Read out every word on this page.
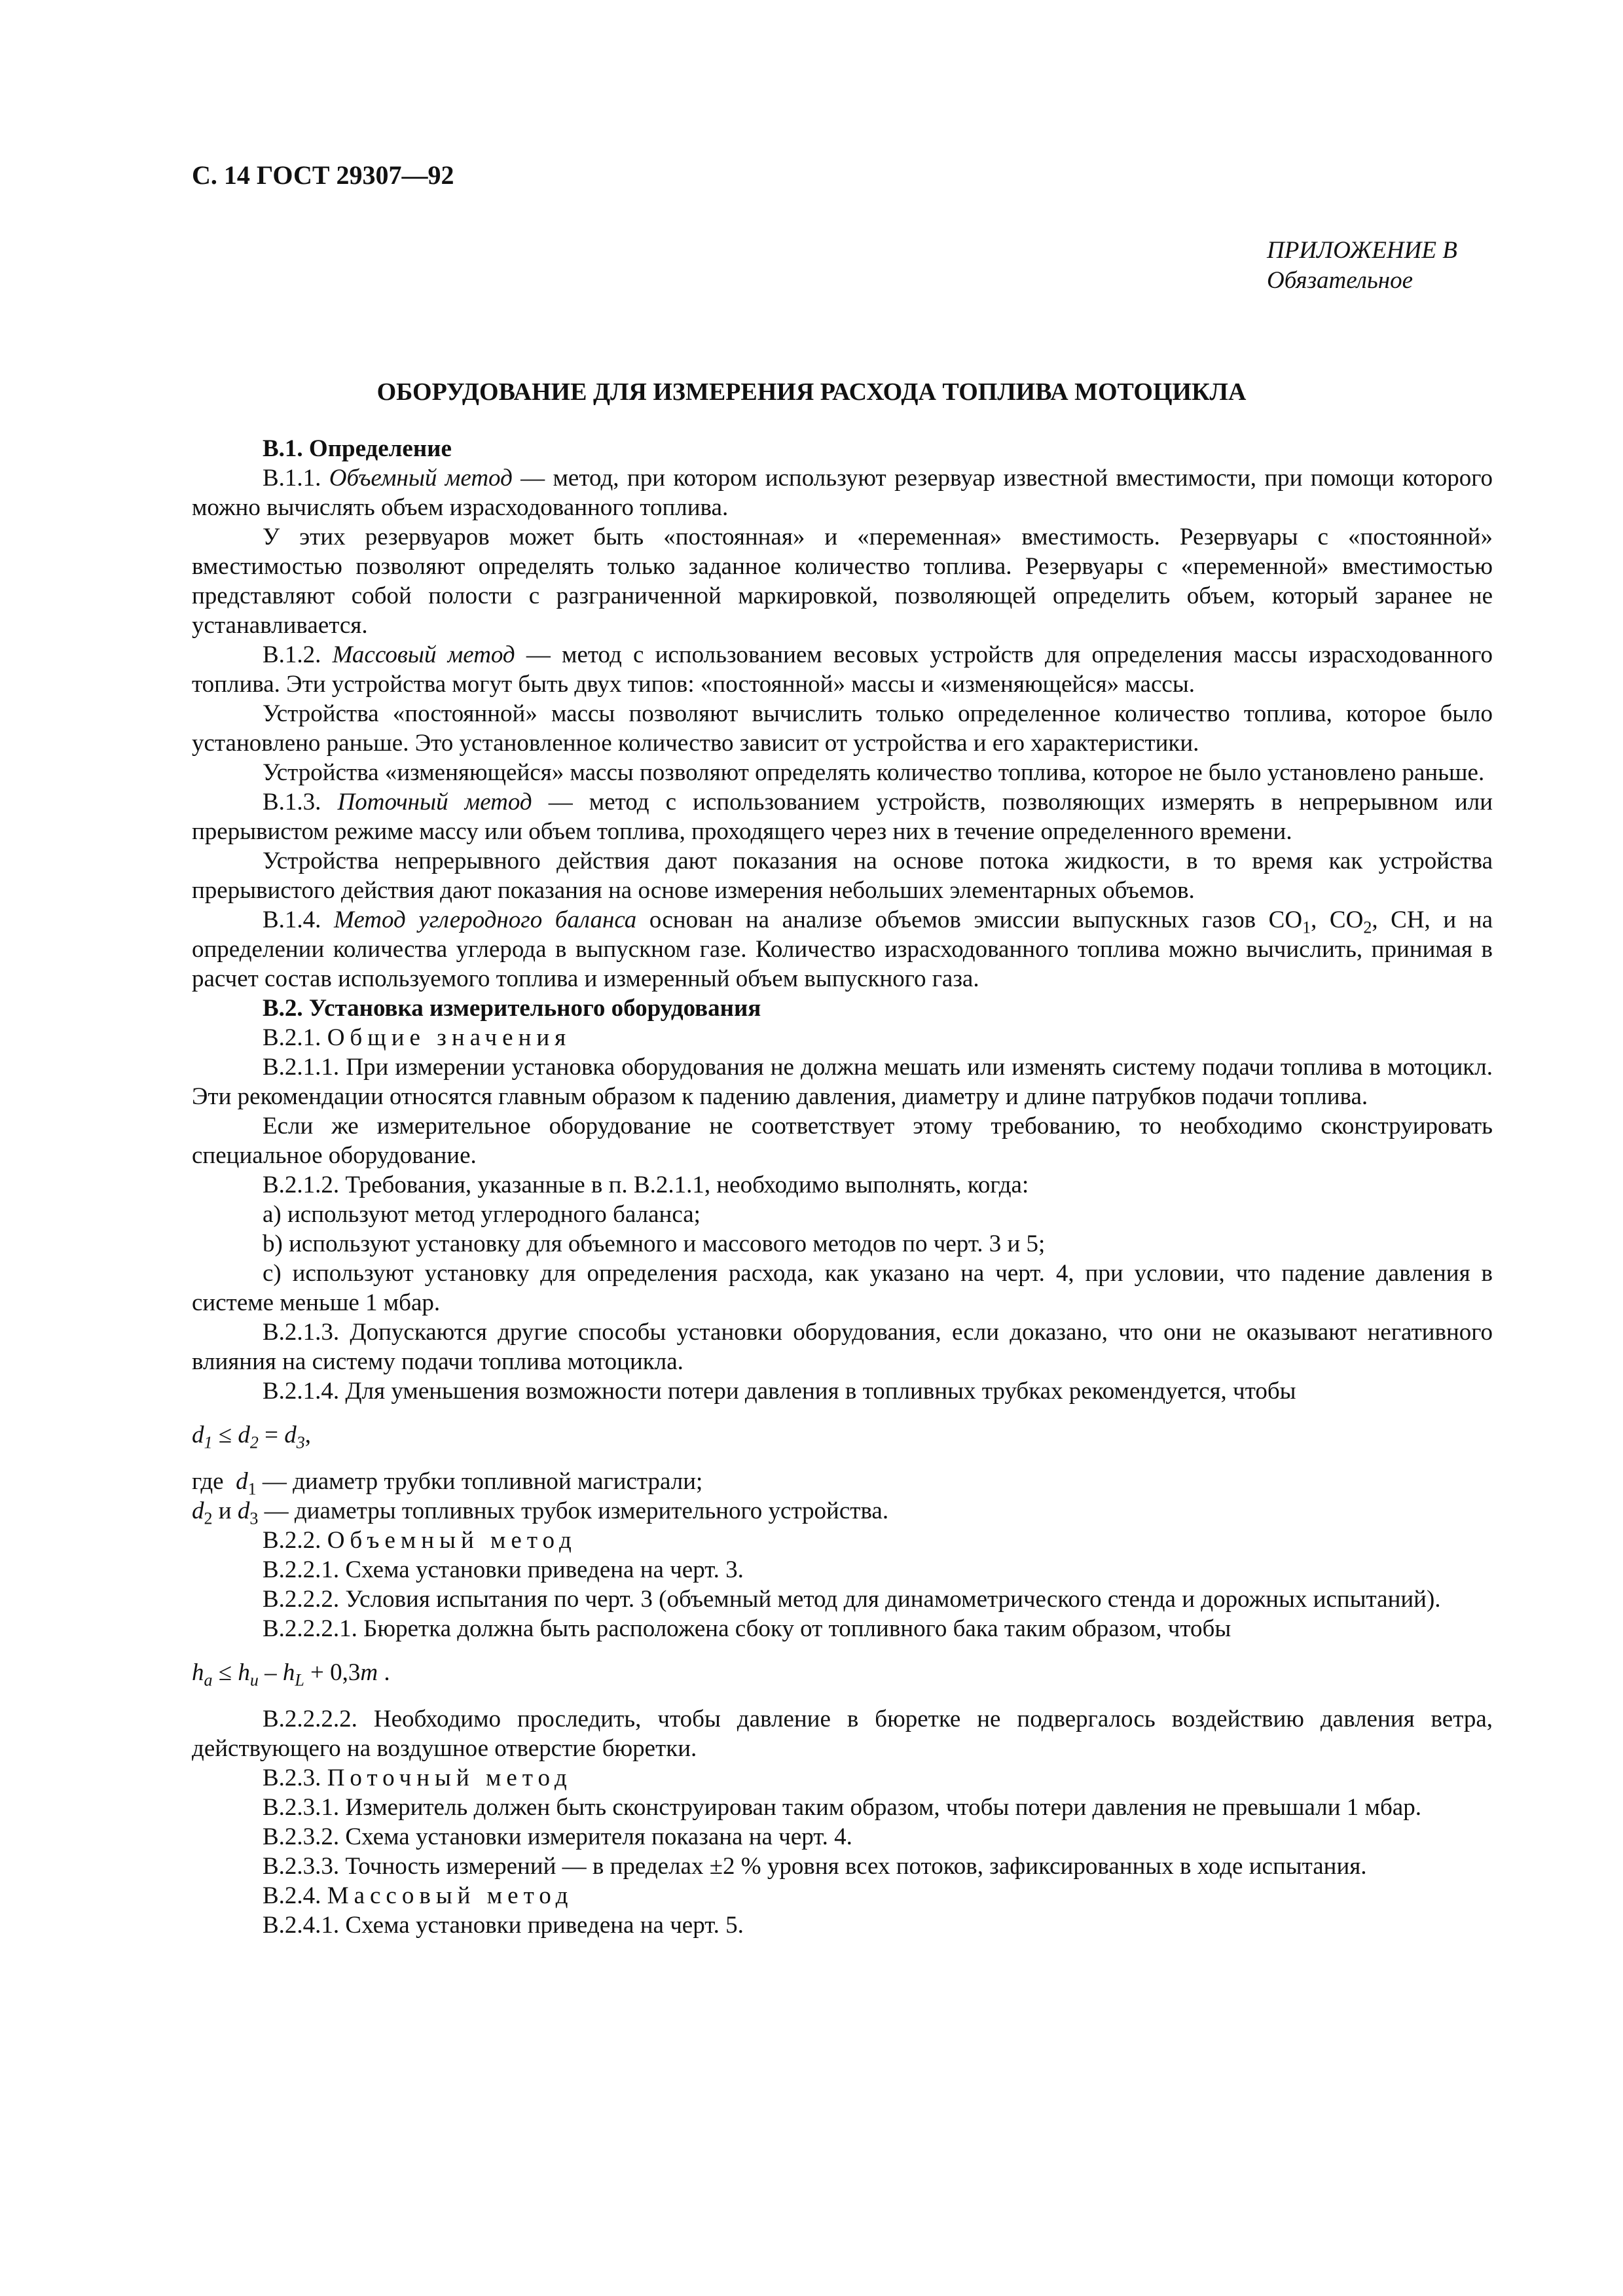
С. 14 ГОСТ 29307—92
ПРИЛОЖЕНИЕ В
Обязательное
ОБОРУДОВАНИЕ ДЛЯ ИЗМЕРЕНИЯ РАСХОДА ТОПЛИВА МОТОЦИКЛА

В.1. Определение

В.1.1. Объемный метод — метод, при котором используют резервуар известной вместимости, при помощи которого можно вычислять объем израсходованного топлива.

У этих резервуаров может быть «постоянная» и «переменная» вместимость. Резервуары с «постоянной» вместимостью позволяют определять только заданное количество топлива. Резервуары с «переменной» вместимостью представляют собой полости с разграниченной маркировкой, позволяющей определить объем, который заранее не устанавливается.

В.1.2. Массовый метод — метод с использованием весовых устройств для определения массы израсходованного топлива. Эти устройства могут быть двух типов: «постоянной» массы и «изменяющейся» массы.

Устройства «постоянной» массы позволяют вычислить только определенное количество топлива, которое было установлено раньше. Это установленное количество зависит от устройства и его характеристики.

Устройства «изменяющейся» массы позволяют определять количество топлива, которое не было установлено раньше.

В.1.3. Поточный метод — метод с использованием устройств, позволяющих измерять в непрерывном или прерывистом режиме массу или объем топлива, проходящего через них в течение определенного времени.

Устройства непрерывного действия дают показания на основе потока жидкости, в то время как устройства прерывистого действия дают показания на основе измерения небольших элементарных объемов.

В.1.4. Метод углеродного баланса основан на анализе объемов эмиссии выпускных газов $СО_1$, $СО_2$, СН, и на определении количества углерода в выпускном газе. Количество израсходованного топлива можно вычислить, принимая в расчет состав используемого топлива и измеренный объем выпускного газа.

В.2. Установка измерительного оборудования

В.2.1. Общие значения

В.2.1.1. При измерении установка оборудования не должна мешать или изменять систему подачи топлива в мотоцикл. Эти рекомендации относятся главным образом к падению давления, диаметру и длине патрубков подачи топлива.

Если же измерительное оборудование не соответствует этому требованию, то необходимо сконструировать специальное оборудование.

В.2.1.2. Требования, указанные в п. В.2.1.1, необходимо выполнять, когда:

а) используют метод углеродного баланса;

b) используют установку для объемного и массового методов по черт. 3 и 5;

с) используют установку для определения расхода, как указано на черт. 4, при условии, что падение давления в системе меньше 1 мбар.

В.2.1.3. Допускаются другие способы установки оборудования, если доказано, что они не оказывают негативного влияния на систему подачи топлива мотоцикла.

В.2.1.4. Для уменьшения возможности потери давления в топливных трубках рекомендуется, чтобы

$d_1 \le d_2 = d_3$,

где $d_1$ — диаметр трубки топливной магистрали;

$d_2$ и $d_3$ — диаметры топливных трубок измерительного устройства.

В.2.2. Объемный метод

В.2.2.1. Схема установки приведена на черт. 3.

В.2.2.2. Условия испытания по черт. 3 (объемный метод для динамометрического стенда и дорожных испытаний).

В.2.2.2.1. Бюретка должна быть расположена сбоку от топливного бака таким образом, чтобы

$h_a \le h_u - h_L + 0,3m$ .

В.2.2.2.2. Необходимо проследить, чтобы давление в бюретке не подвергалось воздействию давления ветра, действующего на воздушное отверстие бюретки.

В.2.3. Поточный метод

В.2.3.1. Измеритель должен быть сконструирован таким образом, чтобы потери давления не превышали 1 мбар.

В.2.3.2. Схема установки измерителя показана на черт. 4.

В.2.3.3. Точность измерений — в пределах ±2 % уровня всех потоков, зафиксированных в ходе испытания.

В.2.4. Массовый метод

В.2.4.1. Схема установки приведена на черт. 5.
